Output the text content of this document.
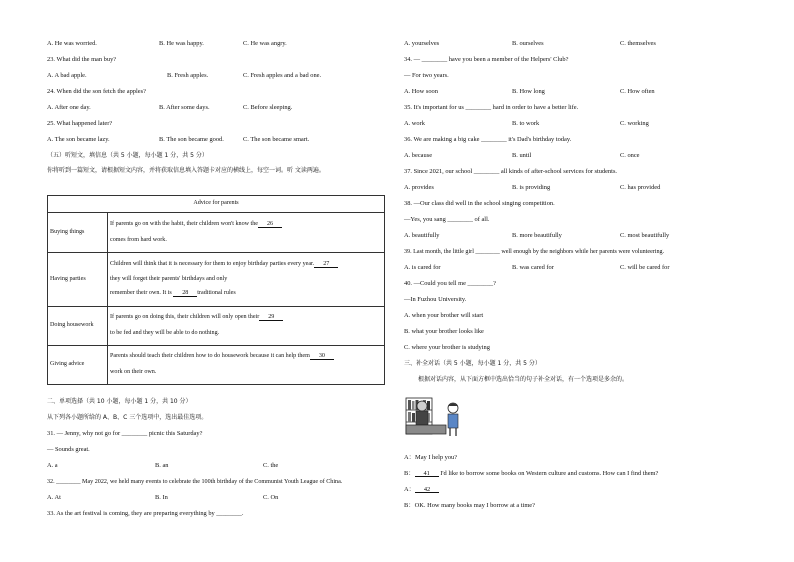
A. He was worried.	B. He was happy.	C. He was angry.
23. What did the man buy?
A. A bad apple.	B. Fresh apples.	C. Fresh apples and a bad one.
24. When did the son fetch the apples?
A. After one day.	B. After some days.	C. Before sleeping.
25. What happened later?
A. The son became lazy.	B. The son became good.	C. The son became smart.
（五）听短文，填信息（共 5 小题，每小题 1 分，共 5 分）
你将听到一篇短文，请根据短文内容，并将获取信息填入答题卡对应的横线上，每空一词。听 文读两遍。
Advice for parents	
Buying things	If parents go on with the habit, their children won't know the 26
comes from hard work.

Having parties	Children will think that it is necessary for them to enjoy birthday parties every year. 27
they will forget their parents' birthdays and only
remember their own. It is 28 traditional rules

Doing housework	If parents go on doing this, their children will only open their 29
to be fed and they will be able to do nothing.

Giving advice	Parents should teach their children how to do housework because it can help them 30
work on their own.
二、单项选择（共 10 小题，每小题 1 分，共 10 分）
从下列各小题所给的 A、B、C 三个选项中，选出最佳选项。
31. — Jenny, why not go for ________ picnic this Saturday?
— Sounds great.
A. a	B. an	C. the
32. ________ May 2022, we held many events to celebrate the 100th birthday of the Communist Youth League of China.
A. At	B. In	C. On
33. As the art festival is coming, they are preparing everything by ________.
A. yourselves	B. ourselves	C. themselves
34. — ________ have you been a member of the Helpers' Club?
— For two years.
A. How soon	B. How long	C. How often
35. It's important for us ________ hard in order to have a better life.
A. work	B. to work	C. working
36. We are making a big cake ________ it's Dad's birthday today.
A. because	B. until	C. once
37. Since 2021, our school ________ all kinds of after-school services for students.
A. provides	B. is providing	C. has provided
38. —Our class did well in the school singing competition.
—Yes, you sang ________ of all.
A. beautifully	B. more beautifully	C. most beautifully
39. Last month, the little girl ________ well enough by the neighbors while her parents were volunteering.
A. is cared for	B. was cared for	C. will be cared for
40. —Could you tell me ________?
—In Fuzhou University.
A. when your brother will start
B. what your brother looks like
C. where your brother is studying
三、补全对话（共 5 小题，每小题 1 分，共 5 分）
根据对话内容，从下面方框中选出恰当的句子补全对话，有一个选项是多余的。
A：May I help you?
B： 41 I'd like to borrow some books on Western culture and customs. How can I find them?
A： 42
B：OK. How many books may I borrow at a time?
